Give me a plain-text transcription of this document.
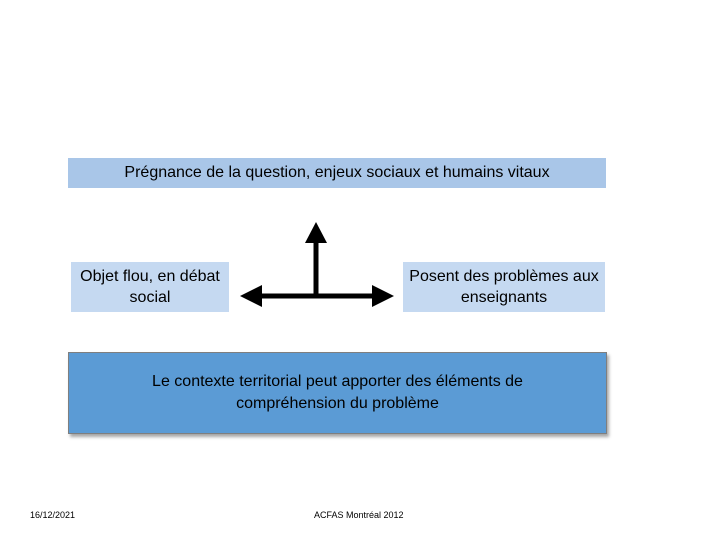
Prégnance de la question, enjeux sociaux et humains vitaux
Objet flou, en débat social
Posent des problèmes aux enseignants
Le contexte territorial peut apporter des éléments de compréhension du problème
16/12/2021	ACFAS Montréal 2012
